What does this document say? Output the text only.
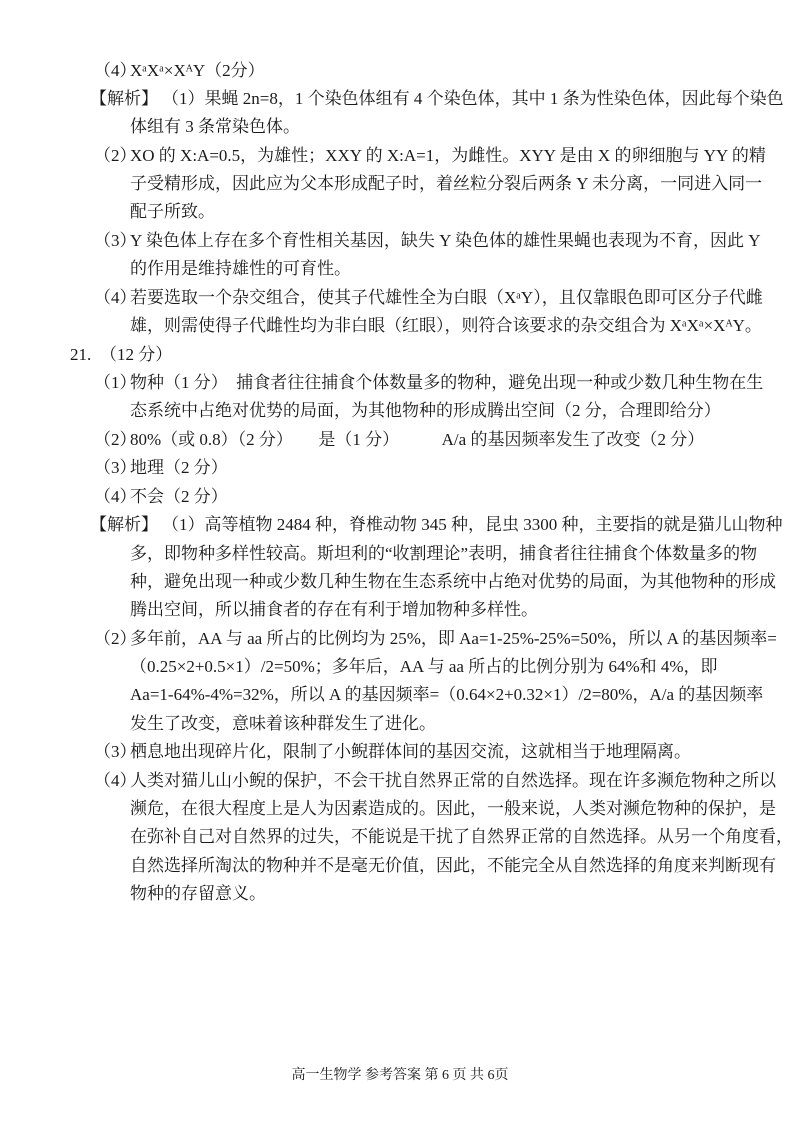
（4）
XᵃXᵃ×XᴬY（2分）
【解析】 （1）果蝇 2n=8，1 个染色体组有 4 个染色体，其中 1 条为性染色体，因此每个染色
体组有 3 条常染色体。
（2）
XO 的 X:A=0.5，为雄性；XXY 的 X:A=1，为雌性。XYY 是由 X 的卵细胞与 YY 的精
子受精形成，因此应为父本形成配子时，着丝粒分裂后两条 Y 未分离，一同进入同一
配子所致。
（3）
Y 染色体上存在多个育性相关基因，缺失 Y 染色体的雄性果蝇也表现为不育，因此 Y
的作用是维持雄性的可育性。
（4）
若要选取一个杂交组合，使其子代雄性全为白眼（XᵃY），且仅靠眼色即可区分子代雌
雄，则需使得子代雌性均为非白眼（红眼），则符合该要求的杂交组合为 XᵃXᵃ×XᴬY。
21. （12 分）
（1）
物种（1 分）　捕食者往往捕食个体数量多的物种，避免出现一种或少数几种生物在生
态系统中占绝对优势的局面，为其他物种的形成腾出空间（2 分，合理即给分）
（2）
80%（或 0.8）（2 分）　　是（1 分）　　　A/a 的基因频率发生了改变（2 分）
（3）
地理（2 分）
（4）
不会（2 分）
【解析】 （1）高等植物 2484 种，脊椎动物 345 种，昆虫 3300 种，主要指的就是猫儿山物种
多，即物种多样性较高。斯坦利的“收割理论”表明，捕食者往往捕食个体数量多的物
种，避免出现一种或少数几种生物在生态系统中占绝对优势的局面，为其他物种的形成
腾出空间，所以捕食者的存在有利于增加物种多样性。
（2）
多年前，AA 与 aa 所占的比例均为 25%，即 Aa=1-25%-25%=50%，所以 A 的基因频率=
（0.25×2+0.5×1）/2=50%；多年后，AA 与 aa 所占的比例分别为 64%和 4%，即
Aa=1-64%-4%=32%，所以 A 的基因频率=（0.64×2+0.32×1）/2=80%，A/a 的基因频率
发生了改变，意味着该种群发生了进化。
（3）
栖息地出现碎片化，限制了小鲵群体间的基因交流，这就相当于地理隔离。
（4）
人类对猫儿山小鲵的保护，不会干扰自然界正常的自然选择。现在许多濒危物种之所以
濒危，在很大程度上是人为因素造成的。因此，一般来说，人类对濒危物种的保护，是
在弥补自己对自然界的过失，不能说是干扰了自然界正常的自然选择。从另一个角度看，
自然选择所淘汰的物种并不是毫无价值，因此，不能完全从自然选择的角度来判断现有
物种的存留意义。
高一生物学 参考答案 第 6 页 共 6页
